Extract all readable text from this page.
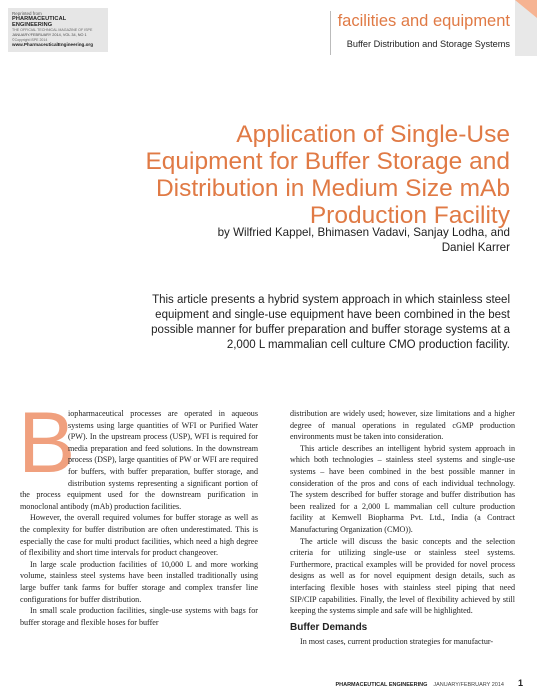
Reprinted from
PHARMACEUTICAL ENGINEERING
THE OFFICIAL TECHNICAL MAGAZINE OF ISPE
JANUARY/FEBRUARY 2014, VOL 34, NO 1
©Copyright ISPE 2014
www.PharmaceuticalEngineering.org
facilities and equipment
Buffer Distribution and Storage Systems
Application of Single-Use
Equipment for Buffer Storage and
Distribution in Medium Size mAb
Production Facility
by Wilfried Kappel, Bhimasen Vadavi, Sanjay Lodha, and
Daniel Karrer
This article presents a hybrid system approach in which stainless steel
equipment and single-use equipment have been combined in the best
possible manner for buffer preparation and buffer storage systems at a
2,000 L mammalian cell culture CMO production facility.
B

iopharmaceutical processes are operated in aqueous systems using large quantities of WFI or Purified Water (PW). In the upstream process (USP), WFI is required for media preparation and feed solutions. In the downstream process (DSP), large quantities of PW or WFI are required for buffers, with buffer preparation, buffer storage, and distribution systems representing a significant portion of the process equipment used for the downstream purification in monoclonal antibody (mAb) production facilities.

However, the overall required volumes for buffer storage as well as the complexity for buffer distribution are often underestimated. This is especially the case for multi product facilities, which need a high degree of flexibility and short time intervals for product changeover.

In large scale production facilities of 10,000 L and more working volume, stainless steel systems have been installed traditionally using large buffer tank farms for buffer storage and complex transfer line configurations for buffer distribution.

In small scale production facilities, single-use systems with bags for buffer storage and flexible hoses for buffer

distribution are widely used; however, size limitations and a higher degree of manual operations in regulated cGMP production environments must be taken into consideration.

This article describes an intelligent hybrid system approach in which both technologies – stainless steel systems and single-use systems – have been combined in the best possible manner in consideration of the pros and cons of each individual technology. The system described for buffer storage and buffer distribution has been realized for a 2,000 L mammalian cell culture production facility at Kemwell Biopharma Pvt. Ltd., India (a Contract Manufacturing Organization (CMO)).

The article will discuss the basic concepts and the selection criteria for utilizing single-use or stainless steel systems. Furthermore, practical examples will be provided for novel process designs as well as for novel equipment design details, such as interfacing flexible hoses with stainless steel piping that need SIP/CIP capabilities. Finally, the level of flexibility achieved by still keeping the systems simple and safe will be highlighted.

Buffer Demands

In most cases, current production strategies for manufactur-

PHARMACEUTICAL ENGINEERING JANUARY/FEBRUARY 2014 1
